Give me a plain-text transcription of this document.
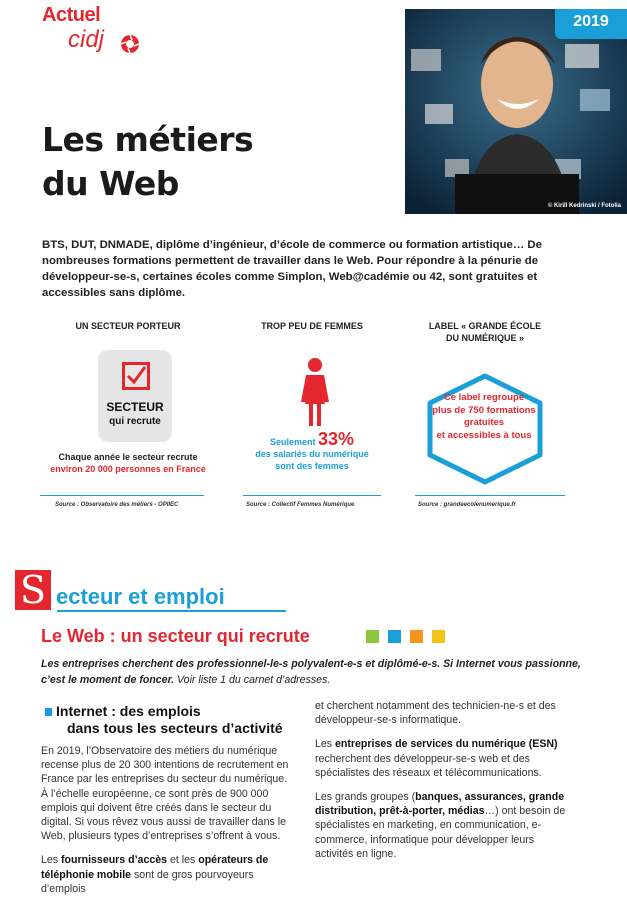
Actuel
cidj
2019
© Kirill Kedrinski / Fotolia
Les métiers
du Web

BTS, DUT, DNMADE, diplôme d’ingénieur, d’école de commerce ou formation artistique… De nombreuses formations permettent de travailler dans le Web. Pour répondre à la pénurie de développeur-se-s, certaines écoles comme Simplon, Web@cadémie ou 42, sont gratuites et accessibles sans diplôme.

UN SECTEUR PORTEUR
SECTEUR
qui recrute
Chaque année le secteur recrute
environ 20 000 personnes en France
Source : Observatoire des métiers - OPIIEC
TROP PEU DE FEMMES
Seulement 33%
des salariés du numérique
sont des femmes
Source : Collectif Femmes Numérique
LABEL « GRANDE ÉCOLE
DU NUMÉRIQUE »
Ce label regroupe
plus de 750 formations
gratuites
et accessibles à tous
Source : grandeecolenumerique.fr
S ecteur et emploi
Le Web : un secteur qui recrute

Les entreprises cherchent des professionnel-le-s polyvalent-e-s et diplômé-e-s. Si Internet vous passionne, c’est le moment de foncer. Voir liste 1 du carnet d’adresses.

Internet : des emplois
dans tous les secteurs d’activité

En 2019, l’Observatoire des métiers du numérique recense plus de 20 300 intentions de recrutement en France par les entreprises du secteur du numérique. À l’échelle européenne, ce sont près de 900 000 emplois qui doivent être créés dans le secteur du digital. Si vous rêvez vous aussi de travailler dans le Web, plusieurs types d’entreprises s’offrent à vous.

Les fournisseurs d’accès et les opérateurs de téléphonie mobile sont de gros pourvoyeurs d’emplois

et cherchent notamment des technicien-ne-s et des développeur-se-s informatique.

Les entreprises de services du numérique (ESN) recherchent des développeur-se-s web et des spécialistes des réseaux et télécommunications.

Les grands groupes (banques, assurances, grande distribution, prêt-à-porter, médias…) ont besoin de spécialistes en marketing, en communication, e-commerce, informatique pour développer leurs activités en ligne.
